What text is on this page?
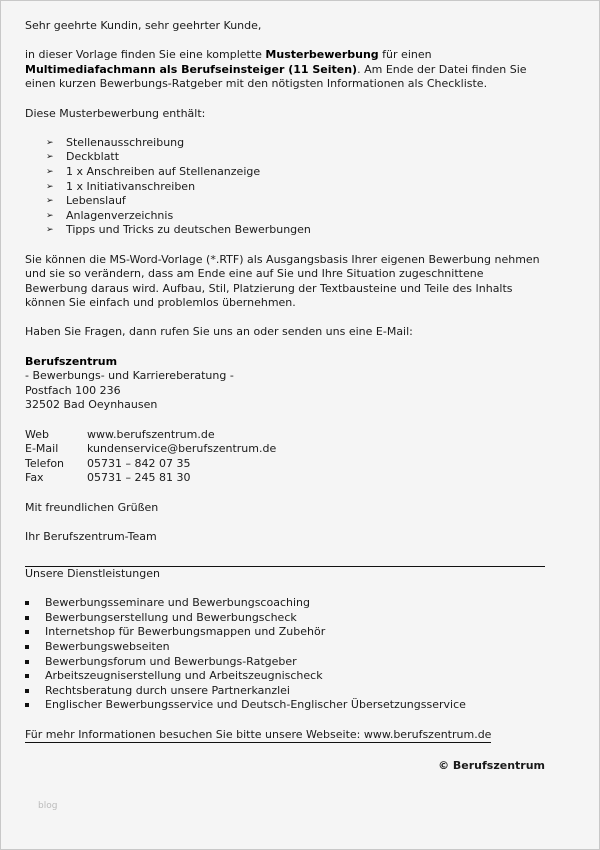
Sehr geehrte Kundin, sehr geehrter Kunde,

in dieser Vorlage finden Sie eine komplette Musterbewerbung für einen
Multimediafachmann als Berufseinsteiger (11 Seiten). Am Ende der Datei finden Sie einen kurzen Bewerbungs-Ratgeber mit den nötigsten Informationen als Checkliste.

Diese Musterbewerbung enthält:

➢ Stellenausschreibung
➢ Deckblatt
➢ 1 x Anschreiben auf Stellenanzeige
➢ 1 x Initiativanschreiben
➢ Lebenslauf
➢ Anlagenverzeichnis
➢ Tipps und Tricks zu deutschen Bewerbungen

Sie können die MS-Word-Vorlage (*.RTF) als Ausgangsbasis Ihrer eigenen Bewerbung nehmen und sie so verändern, dass am Ende eine auf Sie und Ihre Situation zugeschnittene Bewerbung daraus wird. Aufbau, Stil, Platzierung der Textbausteine und Teile des Inhalts können Sie einfach und problemlos übernehmen.

Haben Sie Fragen, dann rufen Sie uns an oder senden uns eine E-Mail:

Berufszentrum
- Bewerbungs- und Karriereberatung -
Postfach 100 236
32502 Bad Oeynhausen

Web	www.berufszentrum.de
E-Mail	kundenservice@berufszentrum.de
Telefon	05731 – 842 07 35
Fax	05731 – 245 81 30

Mit freundlichen Grüßen

Ihr Berufszentrum-Team

Unsere Dienstleistungen

Bewerbungsseminare und Bewerbungscoaching
Bewerbungserstellung und Bewerbungscheck
Internetshop für Bewerbungsmappen und Zubehör
Bewerbungswebseiten
Bewerbungsforum und Bewerbungs-Ratgeber
Arbeitszeugniserstellung und Arbeitszeugnischeck
Rechtsberatung durch unsere Partnerkanzlei
Englischer Bewerbungsservice und Deutsch-Englischer Übersetzungsservice

Für mehr Informationen besuchen Sie bitte unsere Webseite: www.berufszentrum.de

© Berufszentrum

blog
